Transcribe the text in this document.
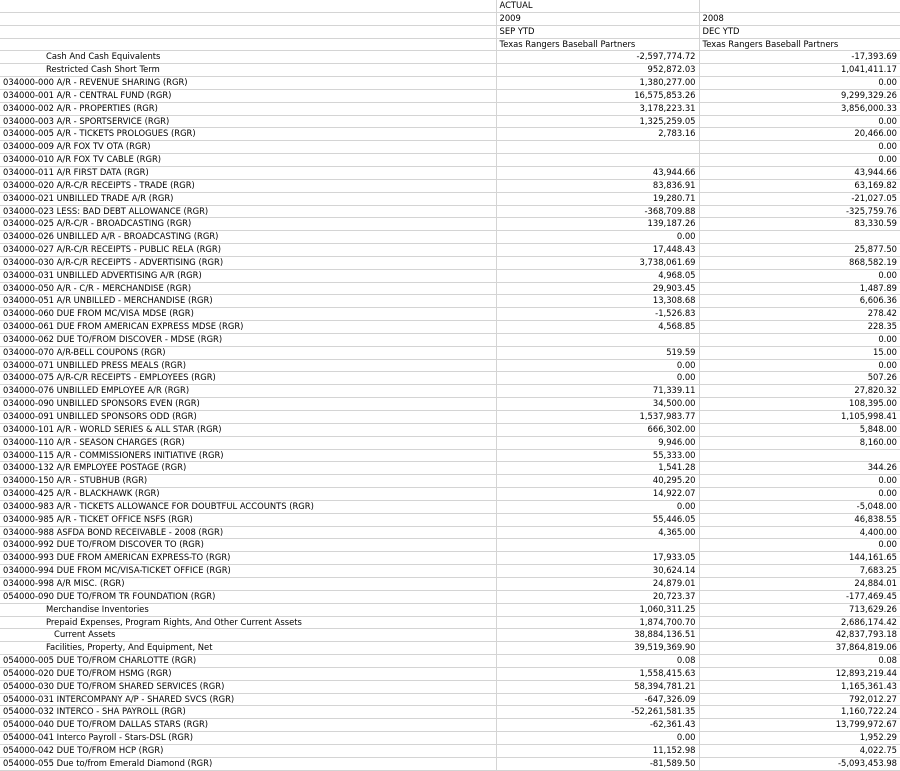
	ACTUAL	
	2009	2008
	SEP YTD	DEC YTD
	Texas Rangers Baseball Partners	Texas Rangers Baseball Partners
Cash And Cash Equivalents	-2,597,774.72	-17,393.69
Restricted Cash Short Term	952,872.03	1,041,411.17
034000-000 A/R - REVENUE SHARING (RGR)	1,380,277.00	0.00
034000-001 A/R - CENTRAL FUND (RGR)	16,575,853.26	9,299,329.26
034000-002 A/R - PROPERTIES (RGR)	3,178,223.31	3,856,000.33
034000-003 A/R - SPORTSERVICE (RGR)	1,325,259.05	0.00
034000-005 A/R - TICKETS PROLOGUES (RGR)	2,783.16	20,466.00
034000-009 A/R FOX TV OTA (RGR)		0.00
034000-010 A/R FOX TV CABLE (RGR)		0.00
034000-011 A/R FIRST DATA (RGR)	43,944.66	43,944.66
034000-020 A/R-C/R RECEIPTS - TRADE (RGR)	83,836.91	63,169.82
034000-021 UNBILLED TRADE A/R (RGR)	19,280.71	-21,027.05
034000-023 LESS: BAD DEBT ALLOWANCE (RGR)	-368,709.88	-325,759.76
034000-025 A/R-C/R - BROADCASTING (RGR)	139,187.26	83,330.59
034000-026 UNBILLED A/R - BROADCASTING (RGR)	0.00	
034000-027 A/R-C/R RECEIPTS - PUBLIC RELA (RGR)	17,448.43	25,877.50
034000-030 A/R-C/R RECEIPTS - ADVERTISING (RGR)	3,738,061.69	868,582.19
034000-031 UNBILLED ADVERTISING A/R (RGR)	4,968.05	0.00
034000-050 A/R - C/R - MERCHANDISE (RGR)	29,903.45	1,487.89
034000-051 A/R UNBILLED - MERCHANDISE (RGR)	13,308.68	6,606.36
034000-060 DUE FROM MC/VISA MDSE (RGR)	-1,526.83	278.42
034000-061 DUE FROM AMERICAN EXPRESS MDSE (RGR)	4,568.85	228.35
034000-062 DUE TO/FROM DISCOVER - MDSE (RGR)		0.00
034000-070 A/R-BELL COUPONS (RGR)	519.59	15.00
034000-071 UNBILLED PRESS MEALS (RGR)	0.00	0.00
034000-075 A/R-C/R RECEIPTS - EMPLOYEES (RGR)	0.00	507.26
034000-076 UNBILLED EMPLOYEE A/R (RGR)	71,339.11	27,820.32
034000-090 UNBILLED SPONSORS EVEN (RGR)	34,500.00	108,395.00
034000-091 UNBILLED SPONSORS ODD (RGR)	1,537,983.77	1,105,998.41
034000-101 A/R - WORLD SERIES & ALL STAR (RGR)	666,302.00	5,848.00
034000-110 A/R - SEASON CHARGES (RGR)	9,946.00	8,160.00
034000-115 A/R - COMMISSIONERS INITIATIVE (RGR)	55,333.00	
034000-132 A/R EMPLOYEE POSTAGE (RGR)	1,541.28	344.26
034000-150 A/R - STUBHUB (RGR)	40,295.20	0.00
034000-425 A/R - BLACKHAWK (RGR)	14,922.07	0.00
034000-983 A/R - TICKETS ALLOWANCE FOR DOUBTFUL ACCOUNTS (RGR)	0.00	-5,048.00
034000-985 A/R - TICKET OFFICE NSFS (RGR)	55,446.05	46,838.55
034000-988 ASFDA BOND RECEIVABLE - 2008 (RGR)	4,365.00	4,400.00
034000-992 DUE TO/FROM DISCOVER TO (RGR)		0.00
034000-993 DUE FROM AMERICAN EXPRESS-TO (RGR)	17,933.05	144,161.65
034000-994 DUE FROM MC/VISA-TICKET OFFICE (RGR)	30,624.14	7,683.25
034000-998 A/R MISC. (RGR)	24,879.01	24,884.01
054000-090 DUE TO/FROM TR FOUNDATION (RGR)	20,723.37	-177,469.45
Merchandise Inventories	1,060,311.25	713,629.26
Prepaid Expenses, Program Rights, And Other Current Assets	1,874,700.70	2,686,174.42
Current Assets	38,884,136.51	42,837,793.18
Facilities, Property, And Equipment, Net	39,519,369.90	37,864,819.06
054000-005 DUE TO/FROM CHARLOTTE (RGR)	0.08	0.08
054000-020 DUE TO/FROM HSMG (RGR)	1,558,415.63	12,893,219.44
054000-030 DUE TO/FROM SHARED SERVICES (RGR)	58,394,781.21	1,165,361.43
054000-031 INTERCOMPANY A/P - SHARED SVCS (RGR)	-647,326.09	792,012.27
054000-032 INTERCO - SHA PAYROLL (RGR)	-52,261,581.35	1,160,722.24
054000-040 DUE TO/FROM DALLAS STARS (RGR)	-62,361.43	13,799,972.67
054000-041 Interco Payroll - Stars-DSL (RGR)	0.00	1,952.29
054000-042 DUE TO/FROM HCP (RGR)	11,152.98	4,022.75
054000-055 Due to/from Emerald Diamond (RGR)	-81,589.50	-5,093,453.98
